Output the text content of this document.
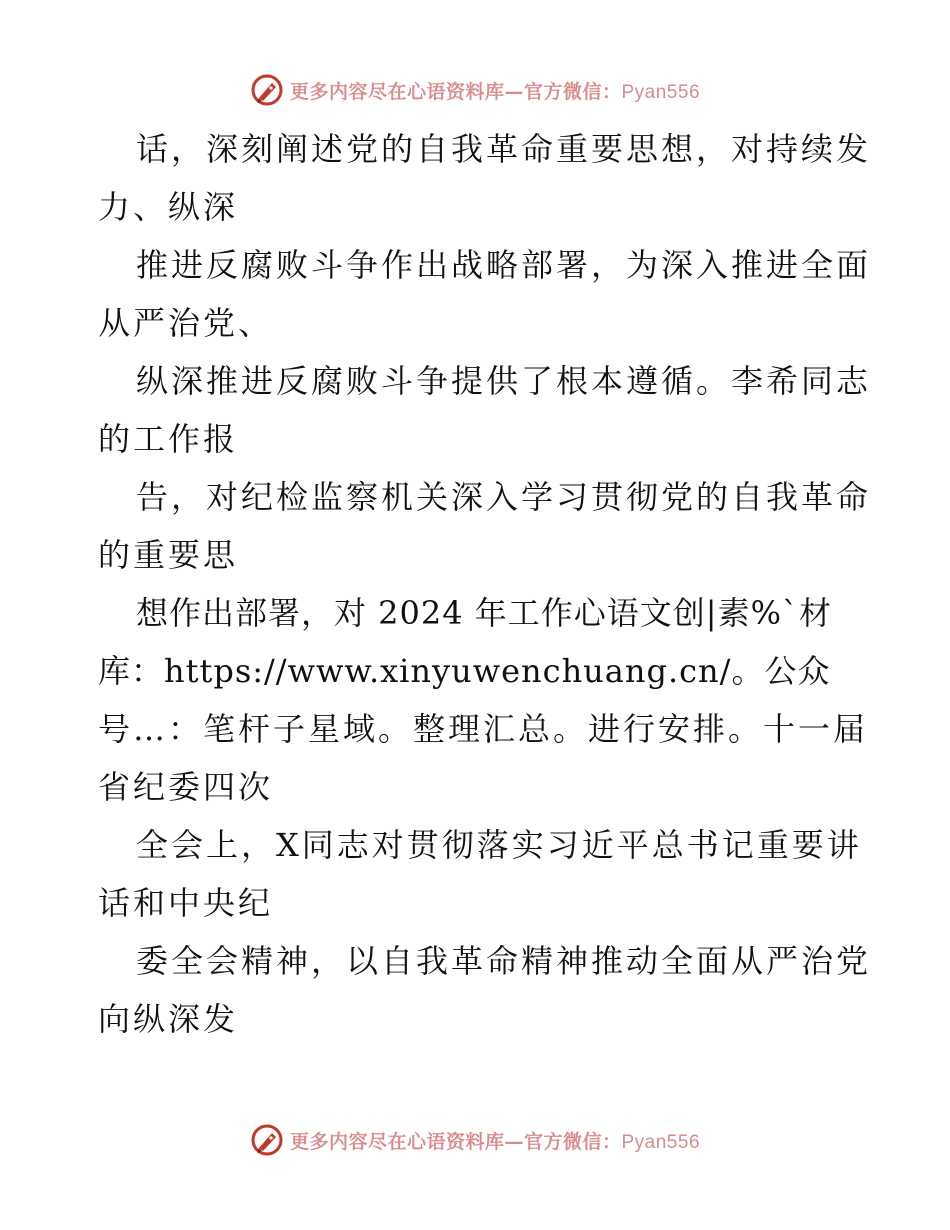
更多内容尽在心语资料库—官方微信：Pyan556
话，深刻阐述党的自我革命重要思想，对持续发
力、纵深
推进反腐败斗争作出战略部署，为深入推进全面
从严治党、
纵深推进反腐败斗争提供了根本遵循。李希同志
的工作报
告，对纪检监察机关深入学习贯彻党的自我革命
的重要思
想作出部署，对 2024 年工作心语文创|素%`材
库：https://www.xinyuwenchuang.cn/。公众
号…：笔杆子星域。整理汇总。进行安排。十一届
省纪委四次
全会上，X同志对贯彻落实习近平总书记重要讲
话和中央纪
委全会精神，以自我革命精神推动全面从严治党
向纵深发
更多内容尽在心语资料库—官方微信：Pyan556
